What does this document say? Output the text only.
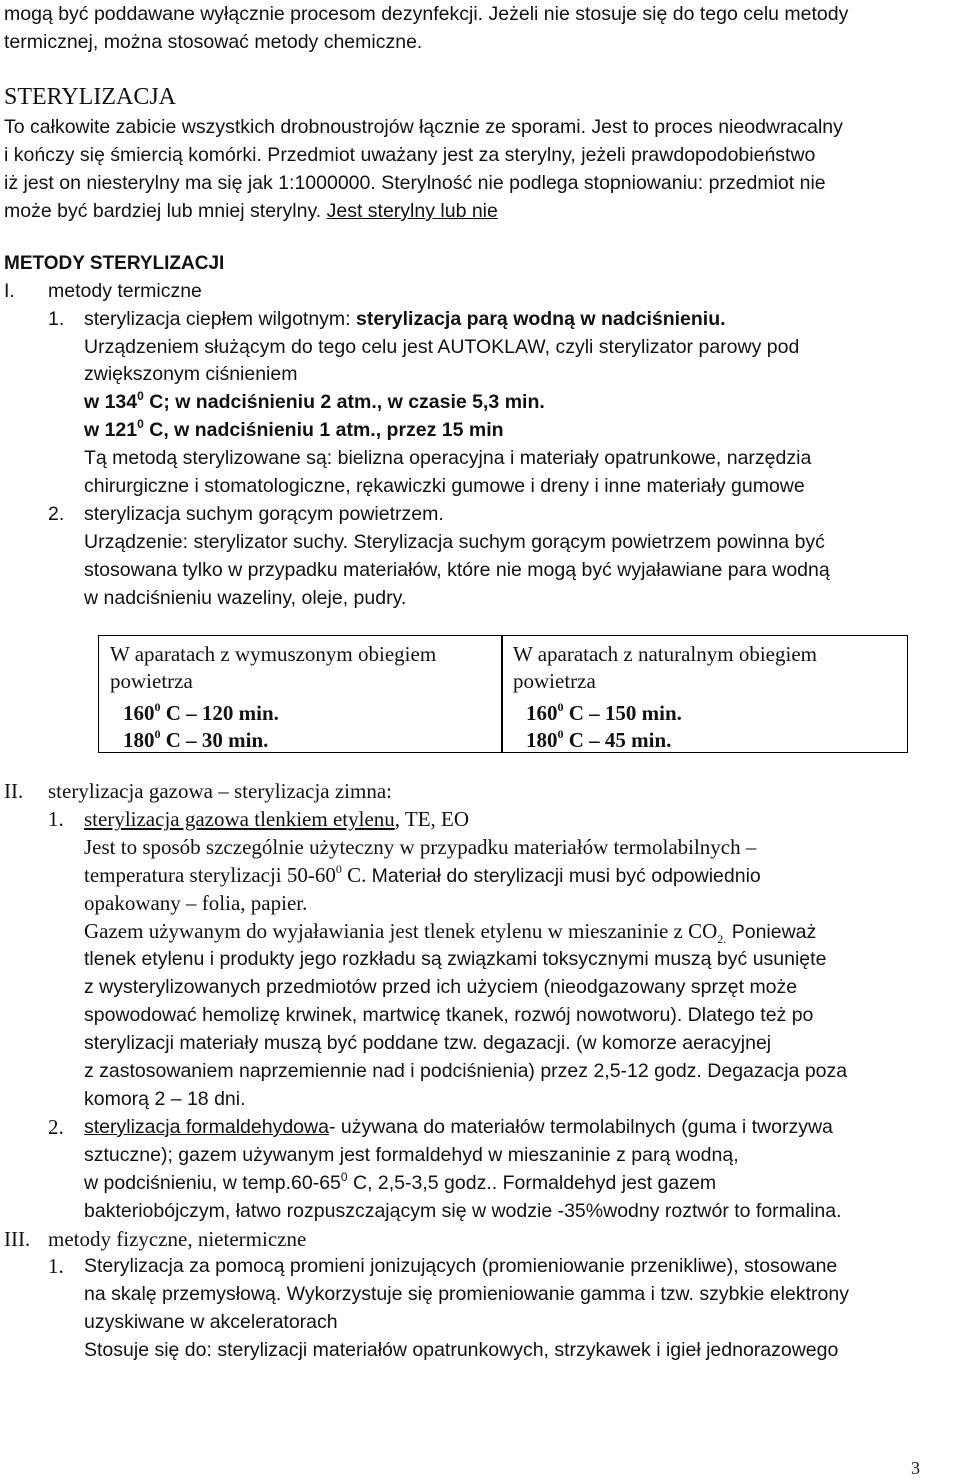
mogą być poddawane wyłącznie procesom dezynfekcji. Jeżeli nie stosuje się do tego celu metody
termicznej, można stosować metody chemiczne.
STERYLIZACJA
To całkowite zabicie wszystkich drobnoustrojów łącznie ze sporami. Jest to proces nieodwracalny
i kończy się śmiercią komórki. Przedmiot uważany jest za sterylny, jeżeli prawdopodobieństwo
iż jest on niesterylny ma się jak 1:1000000. Sterylność nie podlega stopniowaniu: przedmiot nie
może być bardziej lub mniej sterylny. Jest sterylny lub nie
METODY STERYLIZACJI
I. metody termiczne
1. sterylizacja ciepłem wilgotnym: sterylizacja parą wodną w nadciśnieniu.
Urządzeniem służącym do tego celu jest AUTOKLAW, czyli sterylizator parowy pod
zwiększonym ciśnieniem
w $134^0$ C; w nadciśnieniu 2 atm., w czasie 5,3 min.
w $121^0$ C, w nadciśnieniu 1 atm., przez 15 min
Tą metodą sterylizowane są: bielizna operacyjna i materiały opatrunkowe, narzędzia
chirurgiczne i stomatologiczne, rękawiczki gumowe i dreny i inne materiały gumowe
2. sterylizacja suchym gorącym powietrzem.
Urządzenie: sterylizator suchy. Sterylizacja suchym gorącym powietrzem powinna być
stosowana tylko w przypadku materiałów, które nie mogą być wyjaławiane para wodną
w nadciśnieniu wazeliny, oleje, pudry.
W aparatach z wymuszonym obiegiem
powietrza
$160^0$ C – 120 min.
$180^0$ C – 30 min.
W aparatach z naturalnym obiegiem
powietrza
$160^0$ C – 150 min.
$180^0$ C – 45 min.
II. sterylizacja gazowa – sterylizacja zimna:
1. sterylizacja gazowa tlenkiem etylenu, TE, EO
Jest to sposób szczególnie użyteczny w przypadku materiałów termolabilnych –
temperatura sterylizacji $50-60^0$ C. Materiał do sterylizacji musi być odpowiednio
opakowany – folia, papier.
Gazem używanym do wyjaławiania jest tlenek etylenu w mieszaninie z $CO_{2.}$ Ponieważ
tlenek etylenu i produkty jego rozkładu są związkami toksycznymi muszą być usunięte
z wysterylizowanych przedmiotów przed ich użyciem (nieodgazowany sprzęt może
spowodować hemolizę krwinek, martwicę tkanek, rozwój nowotworu). Dlatego też po
sterylizacji materiały muszą być poddane tzw. degazacji. (w komorze aeracyjnej
z zastosowaniem naprzemiennie nad i podciśnienia) przez 2,5-12 godz. Degazacja poza
komorą 2 – 18 dni.
2. sterylizacja formaldehydowa- używana do materiałów termolabilnych (guma i tworzywa
sztuczne); gazem używanym jest formaldehyd w mieszaninie z parą wodną,
w podciśnieniu, w $temp.60-65^0$ C, 2,5-3,5 godz.. Formaldehyd jest gazem
bakteriobójczym, łatwo rozpuszczającym się w wodzie -35%wodny roztwór to formalina.
III. metody fizyczne, nietermiczne
1. Sterylizacja za pomocą promieni jonizujących (promieniowanie przenikliwe), stosowane
na skalę przemysłową. Wykorzystuje się promieniowanie gamma i tzw. szybkie elektrony
uzyskiwane w akceleratorach
Stosuje się do: sterylizacji materiałów opatrunkowych, strzykawek i igieł jednorazowego
3
